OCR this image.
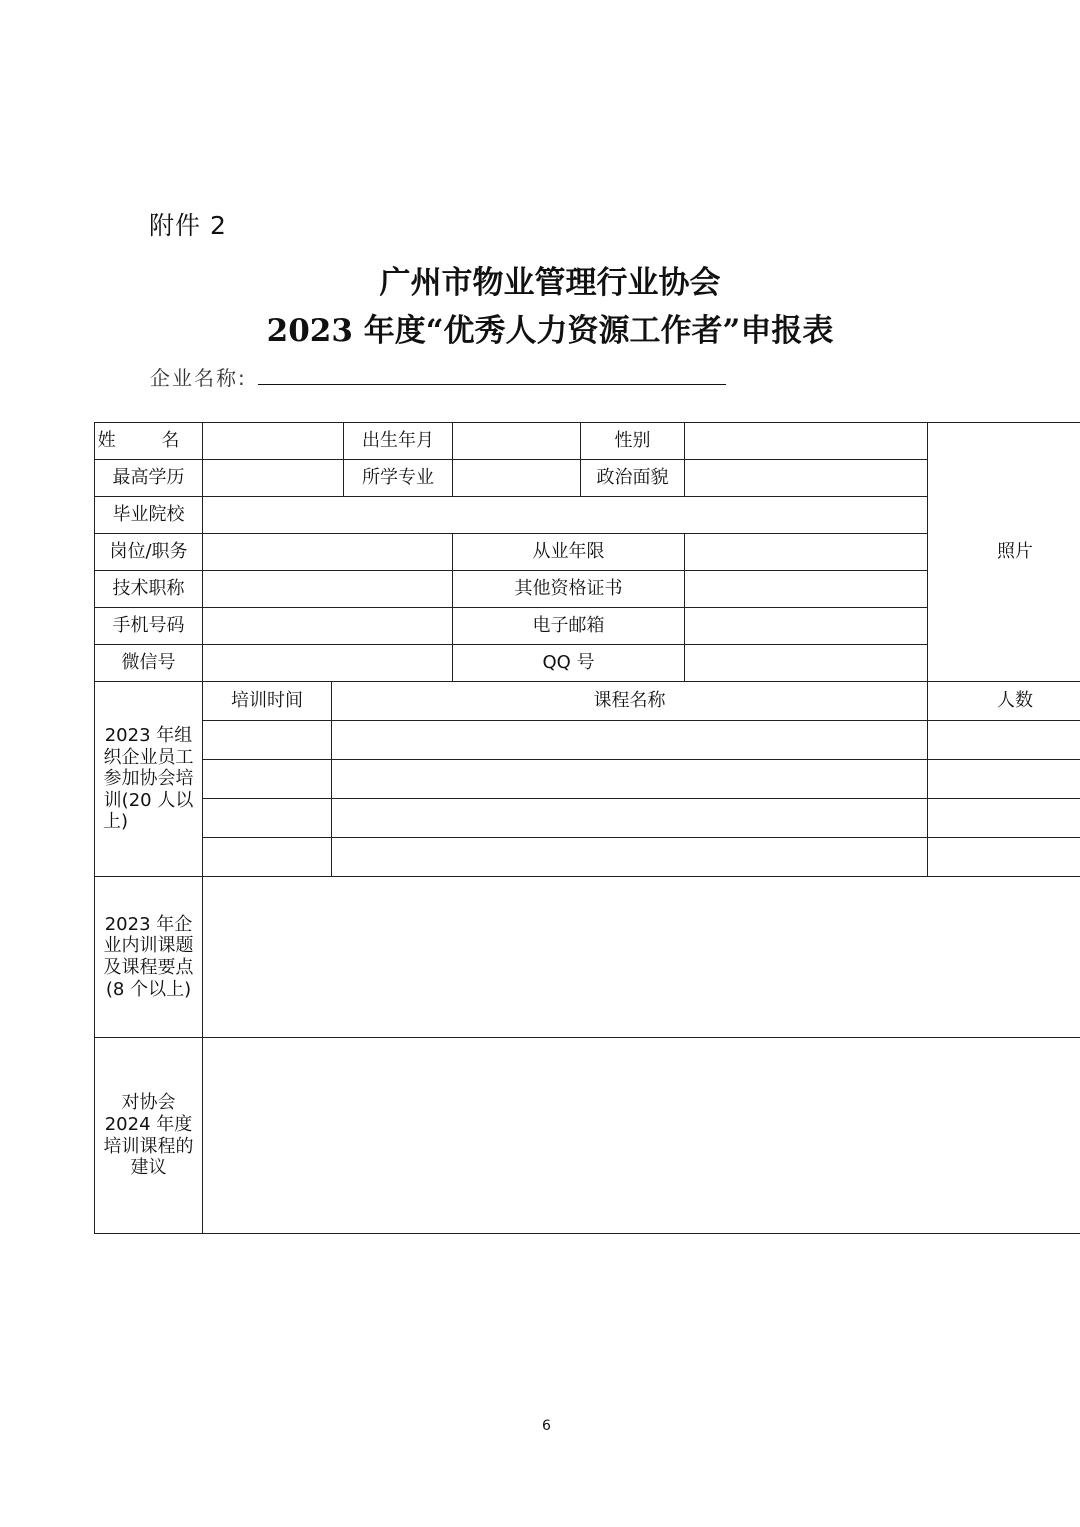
附件 2
广州市物业管理行业协会
2023 年度“优秀人力资源工作者”申报表
企业名称:
姓 名			出生年月		性别		照片
最高学历			所学专业		政治面貌		
毕业院校							
岗位/职务				从业年限			
技术职称				其他资格证书			
手机号码				电子邮箱			
微信号				QQ 号			
2023 年组织企业员工参加协会培训(20 人以上)	培训时间	课程名称					人数

2023 年企业内训课题及课程要点(8 个以上)							
对协会 2024 年度培训课程的建议							
6
